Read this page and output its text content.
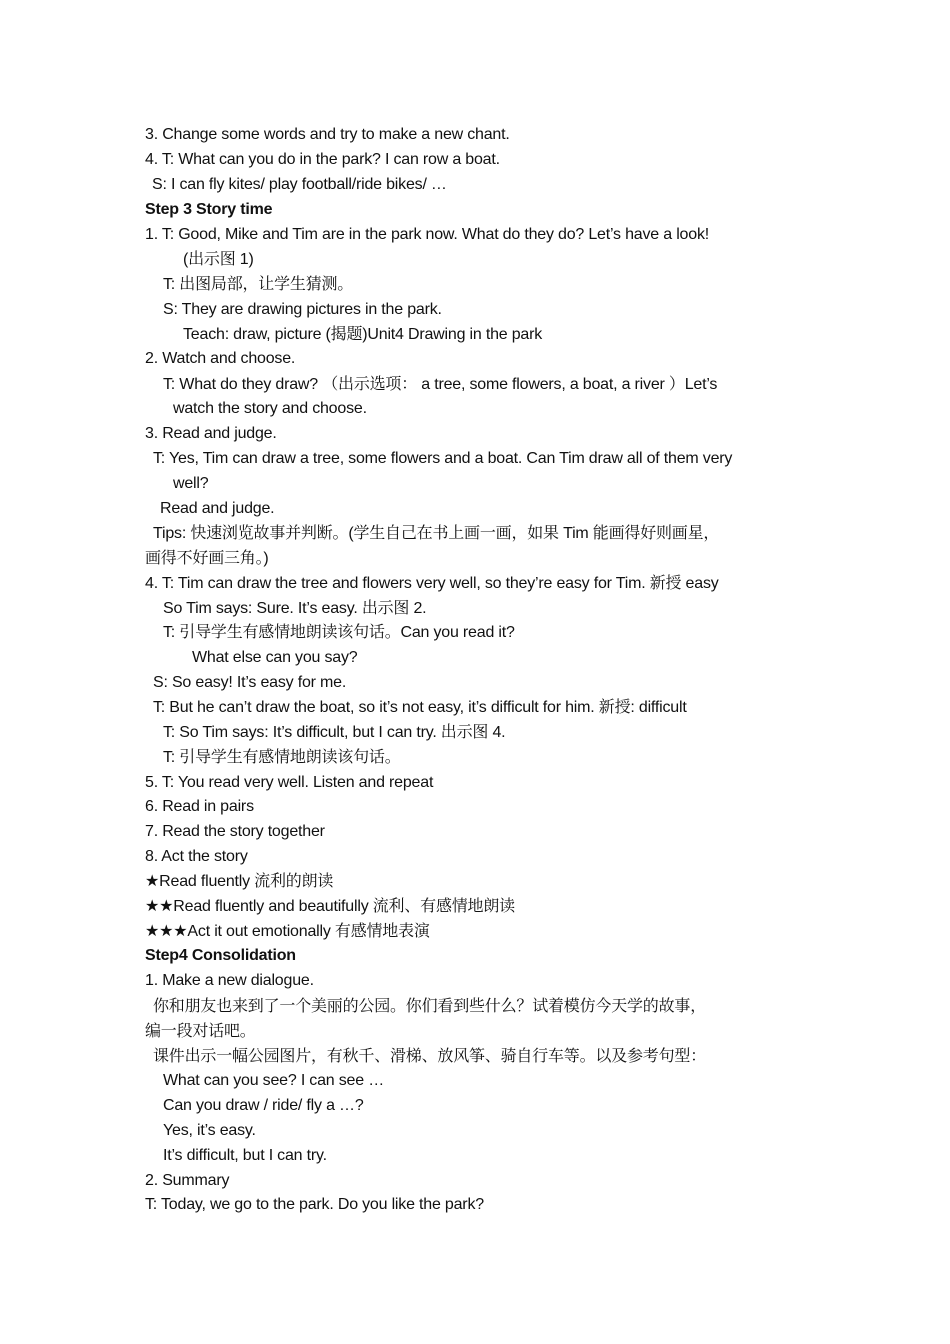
3. Change some words and try to make a new chant.
4. T: What can you do in the park? I can row a boat.
S: I can fly kites/ play football/ride bikes/ …
Step 3 Story time
1. T: Good, Mike and Tim are in the park now. What do they do? Let’s have a look!
(出示图 1)
T: 出图局部，让学生猜测。
S: They are drawing pictures in the park.
Teach: draw, picture (揭题)Unit4 Drawing in the park
2. Watch and choose.
T: What do they draw? （出示选项： a tree, some flowers, a boat, a river ）Let’s
watch the story and choose.
3. Read and judge.
T: Yes, Tim can draw a tree, some flowers and a boat. Can Tim draw all of them very
well?
Read and judge.
Tips: 快速浏览故事并判断。(学生自己在书上画一画，如果 Tim 能画得好则画星，
画得不好画三角。)
4. T: Tim can draw the tree and flowers very well, so they’re easy for Tim. 新授 easy
So Tim says: Sure. It’s easy. 出示图 2.
T: 引导学生有感情地朗读该句话。Can you read it?
What else can you say?
S: So easy! It’s easy for me.
T: But he can’t draw the boat, so it’s not easy, it’s difficult for him. 新授: difficult
T: So Tim says: It’s difficult, but I can try. 出示图 4.
T: 引导学生有感情地朗读该句话。
5. T: You read very well. Listen and repeat
6. Read in pairs
7. Read the story together
8. Act the story
★Read fluently 流利的朗读
★★Read fluently and beautifully 流利、有感情地朗读
★★★Act it out emotionally 有感情地表演
Step4 Consolidation
1. Make a new dialogue.
你和朋友也来到了一个美丽的公园。你们看到些什么？试着模仿今天学的故事，
编一段对话吧。
课件出示一幅公园图片，有秋千、滑梯、放风筝、骑自行车等。以及参考句型：
What can you see? I can see …
Can you draw / ride/ fly a …?
Yes, it’s easy.
It’s difficult, but I can try.
2. Summary
T: Today, we go to the park. Do you like the park?
